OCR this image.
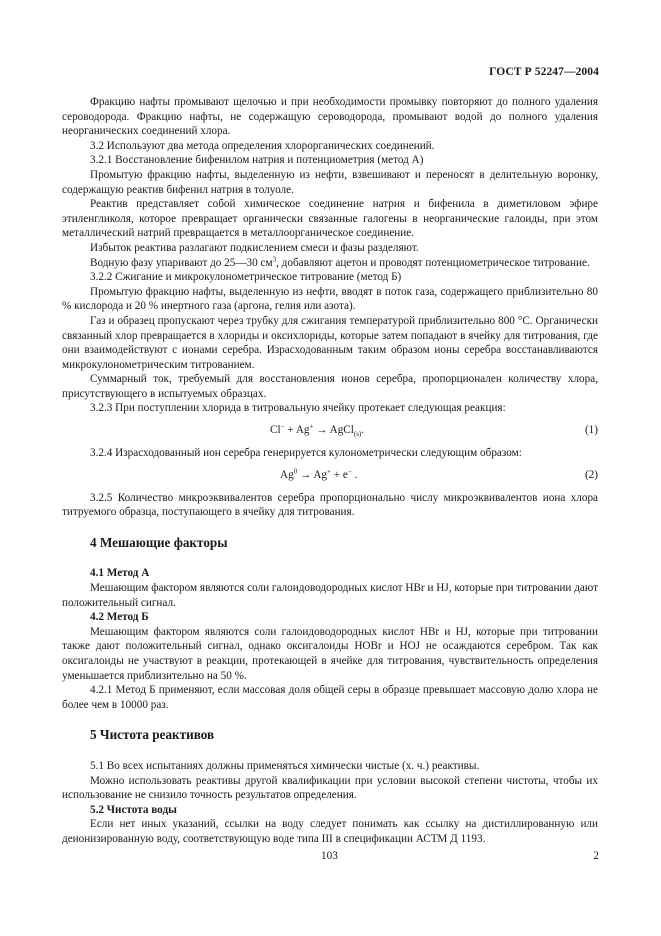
ГОСТ Р 52247—2004

Фракцию нафты промывают щелочью и при необходимости промывку повторяют до полного удаления сероводорода. Фракцию нафты, не содержащую сероводорода, промывают водой до полного удаления неорганических соединений хлора.

3.2 Используют два метода определения хлорорганических соединений.

3.2.1 Восстановление бифенилом натрия и потенциометрия (метод А)

Промытую фракцию нафты, выделенную из нефти, взвешивают и переносят в делительную воронку, содержащую реактив бифенил натрия в толуоле.

Реактив представляет собой химическое соединение натрия и бифенила в диметиловом эфире этиленгликоля, которое превращает органически связанные галогены в неорганические галоиды, при этом металлический натрий превращается в металлоорганическое соединение.

Избыток реактива разлагают подкислением смеси и фазы разделяют.

Водную фазу упаривают до 25—30 $см^3$, добавляют ацетон и проводят потенциометрическое титрование.

3.2.2 Сжигание и микрокулонометрическое титрование (метод Б)

Промытую фракцию нафты, выделенную из нефти, вводят в поток газа, содержащего приблизительно 80 % кислорода и 20 % инертного газа (аргона, гелия или азота).

Газ и образец пропускают через трубку для сжигания температурой приблизительно 800 °С. Органически связанный хлор превращается в хлориды и оксихлориды, которые затем попадают в ячейку для титрования, где они взаимодействуют с ионами серебра. Израсходованным таким образом ионы серебра восстанавливаются микрокулонометрическим титрованием.

Суммарный ток, требуемый для восстановления ионов серебра, пропорционален количеству хлора, присутствующего в испытуемых образцах.

3.2.3 При поступлении хлорида в титровальную ячейку протекает следующая реакция:

Cl− + Ag+ → AgCl$_{(s)}$.	(1)

3.2.4 Израсходованный ион серебра генерируется кулонометрически следующим образом:

$Ag^0 \to Ag^+ + e^-$ .	(2)

3.2.5 Количество микроэквивалентов серебра пропорционально числу микроэквивалентов иона хлора титруемого образца, поступающего в ячейку для титрования.

4 Мешающие факторы

4.1 Метод А

Мешающим фактором являются соли галоидоводородных кислот HBr и HJ, которые при титровании дают положительный сигнал.

4.2 Метод Б

Мешающим фактором являются соли галоидоводородных кислот HBr и HJ, которые при титровании также дают положительный сигнал, однако оксигалоиды HOBr и HOJ не осаждаются серебром. Так как оксигалоиды не участвуют в реакции, протекающей в ячейке для титрования, чувствительность определения уменьшается приблизительно на 50 %.

4.2.1 Метод Б применяют, если массовая доля общей серы в образце превышает массовую долю хлора не более чем в 10000 раз.

5 Чистота реактивов

5.1 Во всех испытаниях должны применяться химически чистые (х. ч.) реактивы.

Можно использовать реактивы другой квалификации при условии высокой степени чистоты, чтобы их использование не снизило точность результатов определения.

5.2 Чистота воды

Если нет иных указаний, ссылки на воду следует понимать как ссылку на дистиллированную или деионизированную воду, соответствующую воде типа III в спецификации АСТМ Д 1193.

103	2
